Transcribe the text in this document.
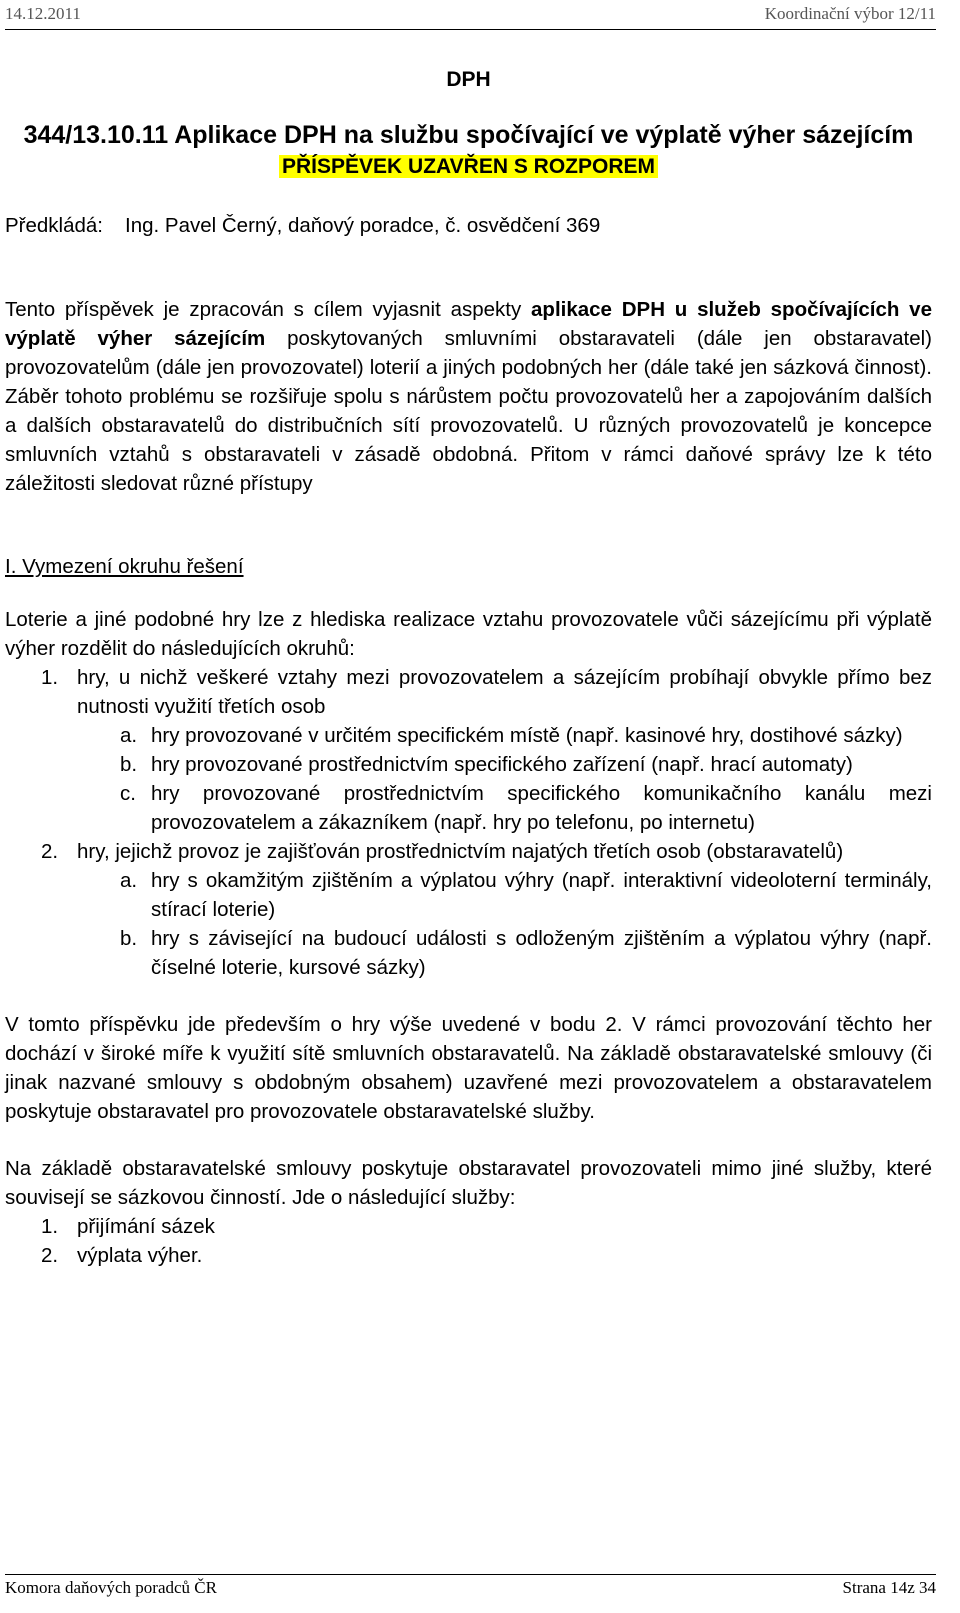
14.12.2011	Koordinační výbor 12/11
DPH
344/13.10.11 Aplikace DPH na službu spočívající ve výplatě výher sázejícím
PŘÍSPĚVEK UZAVŘEN S ROZPOREM
Předkládá: Ing. Pavel Černý, daňový poradce, č. osvědčení 369
Tento příspěvek je zpracován s cílem vyjasnit aspekty aplikace DPH u služeb spočívajících ve výplatě výher sázejícím poskytovaných smluvními obstaravateli (dále jen obstaravatel) provozovatelům (dále jen provozovatel) loterií a jiných podobných her (dále také jen sázková činnost). Záběr tohoto problému se rozšiřuje spolu s nárůstem počtu provozovatelů her a zapojováním dalších a dalších obstaravatelů do distribučních sítí provozovatelů. U různých provozovatelů je koncepce smluvních vztahů s obstaravateli v zásadě obdobná. Přitom v rámci daňové správy lze k této záležitosti sledovat různé přístupy
I. Vymezení okruhu řešení
Loterie a jiné podobné hry lze z hlediska realizace vztahu provozovatele vůči sázejícímu při výplatě výher rozdělit do následujících okruhů:
1. hry, u nichž veškeré vztahy mezi provozovatelem a sázejícím probíhají obvykle přímo bez nutnosti využití třetích osob
a. hry provozované v určitém specifickém místě (např. kasinové hry, dostihové sázky)
b. hry provozované prostřednictvím specifického zařízení (např. hrací automaty)
c. hry provozované prostřednictvím specifického komunikačního kanálu mezi provozovatelem a zákazníkem (např. hry po telefonu, po internetu)
2. hry, jejichž provoz je zajišťován prostřednictvím najatých třetích osob (obstaravatelů)
a. hry s okamžitým zjištěním a výplatou výhry (např. interaktivní videoloterní terminály, stírací loterie)
b. hry s závisející na budoucí události s odloženým zjištěním a výplatou výhry (např. číselné loterie, kursové sázky)
V tomto příspěvku jde především o hry výše uvedené v bodu 2. V rámci provozování těchto her dochází v široké míře k využití sítě smluvních obstaravatelů. Na základě obstaravatelské smlouvy (či jinak nazvané smlouvy s obdobným obsahem) uzavřené mezi provozovatelem a obstaravatelem poskytuje obstaravatel pro provozovatele obstaravatelské služby.
Na základě obstaravatelské smlouvy poskytuje obstaravatel provozovateli mimo jiné služby, které souvisejí se sázkovou činností. Jde o následující služby:
1. přijímání sázek
2. výplata výher.
Komora daňových poradců ČR	Strana 14z 34
